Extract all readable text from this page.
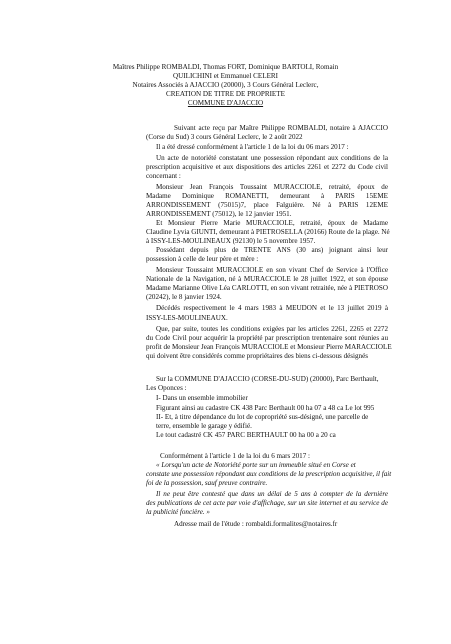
Maîtres Philippe ROMBALDI, Thomas FORT, Dominique BARTOLI, Romain

QUILICHINI et Emmanuel CELERI

Notaires Associés à AJACCIO (20000), 3 Cours Général Leclerc,

CREATION DE TITRE DE PROPRIETE

COMMUNE D'AJACCIO

Suivant acte reçu par Maître Philippe ROMBALDI, notaire à AJACCIO

(Corse du Sud) 3 cours Général Leclerc, le 2 août 2022

Il a été dressé conformément à l'article 1 de la loi du 06 mars 2017 :

Un acte de notoriété constatant une possession répondant aux conditions de la

prescription acquisitive et aux dispositions des articles 2261 et 2272 du Code civil

concernant :

Monsieur Jean François Toussaint MURACCIOLE, retraité, époux de

Madame Dominique ROMANETTI, demeurant à PARIS 15EME

ARRONDISSEMENT (75015)7, place Falguière. Né à PARIS 12EME

ARRONDISSEMENT (75012), le 12 janvier 1951.

Et Monsieur Pierre Marie MURACCIOLE, retraité, époux de Madame

Claudine Lyvia GIUNTI, demeurant à PIETROSELLA (20166) Route de la plage. Né

à ISSY-LES-MOULINEAUX (92130) le 5 novembre 1957.

Possédant depuis plus de TRENTE ANS (30 ans) joignant ainsi leur

possession à celle de leur père et mère :

Monsieur Toussaint MURACCIOLE en son vivant Chef de Service à l'Office

Nationale de la Navigation, né à MURACCIOLE le 28 juillet 1922, et son épouse

Madame Marianne Olive Léa CARLOTTI, en son vivant retraitée, née à PIETROSO

(20242), le 8 janvier 1924.

Décédés respectivement le 4 mars 1983 à MEUDON et le 13 juillet 2019 à

ISSY-LES-MOULINEAUX.

Que, par suite, toutes les conditions exigées par les articles 2261, 2265 et 2272

du Code Civil pour acquérir la propriété par prescription trentenaire sont réunies au

profit de Monsieur Jean François MURACCIOLE et Monsieur Pierre MARACCIOLE

qui doivent être considérés comme propriétaires des biens ci-dessous désignés

Sur la COMMUNE D'AJACCIO (CORSE-DU-SUD) (20000), Parc Berthault,

Les Oponces :

I- Dans un ensemble immobilier

Figurant ainsi au cadastre CK 438 Parc Berthault 00 ha 07 a 48 ca Le lot 995

II- Et, à titre dépendance du lot de copropriété sus-désigné, une parcelle de

terre, ensemble le garage y édifié.

Le tout cadastré CK 457 PARC BERTHAULT 00 ha 00 a 20 ca

Conformément à l'article 1 de la loi du 6 mars 2017 :

« Lorsqu'un acte de Notoriété porte sur un immeuble situé en Corse et

constate une possession répondant aux conditions de la prescription acquisitive, il fait

foi de la possession, sauf preuve contraire.

Il ne peut être contesté que dans un délai de 5 ans à compter de la dernière

des publications de cet acte par voie d'affichage, sur un site internet et au service de

la publicité foncière. »

Adresse mail de l'étude : rombaldi.formalites@notaires.fr
